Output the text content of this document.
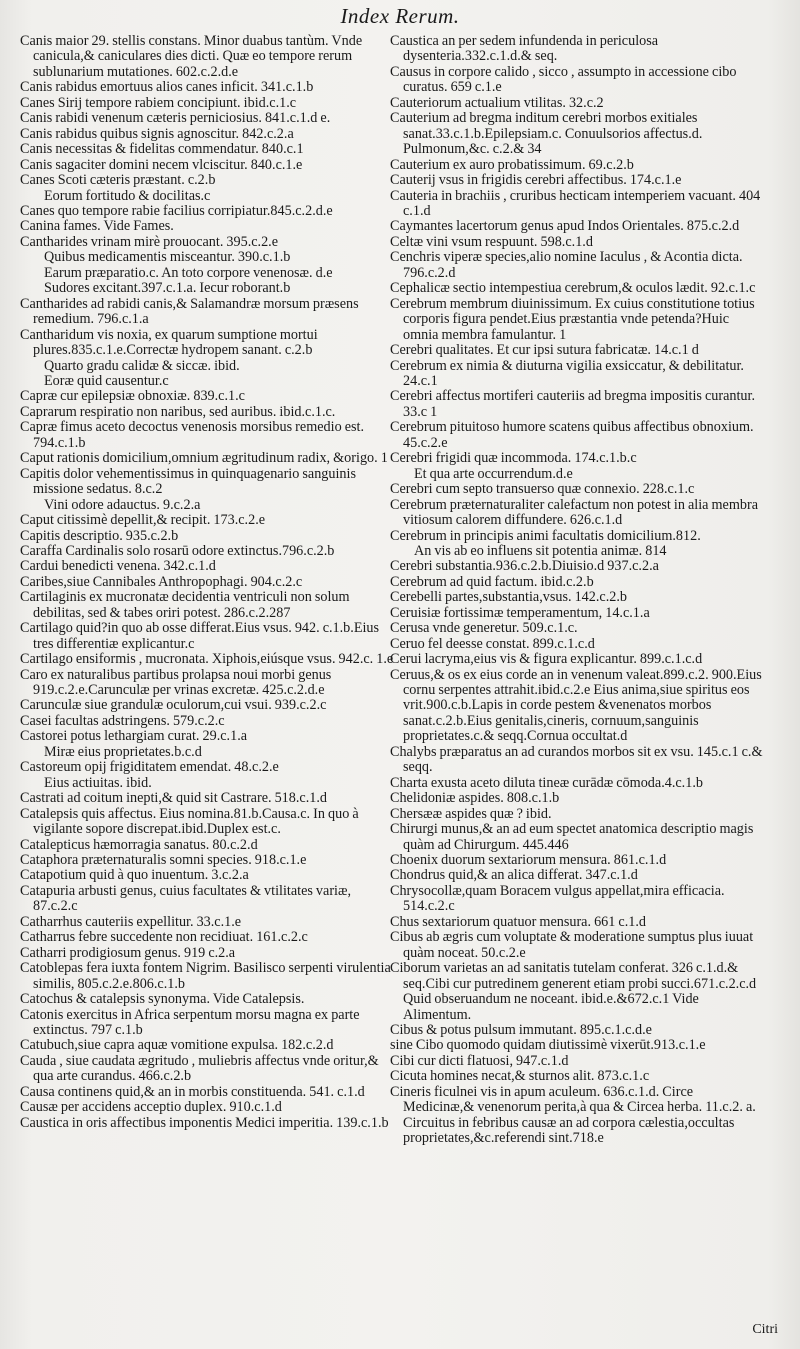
Index Rerum.
Canis maior 29. stellis constans. Minor duabus tantùm. Vnde canicula,& caniculares dies dicti. Quæ eo tempore rerum sublunarium mutationes. 602.c.2.d.e
Canis rabidus emortuus alios canes inficit. 341.c.1.b
Canes Sirij tempore rabiem concipiunt. ibid.c.1.c
Canis rabidi venenum cæteris perniciosius. 841.c.1.d e.
Canis rabidus quibus signis agnoscitur. 842.c.2.a
Canis necessitas & fidelitas commendatur. 840.c.1
Canis sagaciter domini necem vlciscitur. 840.c.1.e
Canes Scoti cæteris præstant. c.2.b
Eorum fortitudo & docilitas.c
Canes quo tempore rabie facilius corripiatur.845.c.2.d.e
Canina fames. Vide Fames.
Cantharides vrinam mirè prouocant. 395.c.2.e
Quibus medicamentis misceantur. 390.c.1.b
Earum præparatio.c. An toto corpore venenosæ. d.e
Sudores excitant.397.c.1.a. Iecur roborant.b
Cantharides ad rabidi canis,& Salamandræ morsum præsens remedium. 796.c.1.a
Cantharidum vis noxia, ex quarum sumptione mortui plures.835.c.1.e.Correctæ hydropem sanant. c.2.b
Quarto gradu calidæ & siccæ. ibid.
Eoræ quid causentur.c
Capræ cur epilepsiæ obnoxiæ. 839.c.1.c
Caprarum respiratio non naribus, sed auribus. ibid.c.1.c.
Capræ fimus aceto decoctus venenosis morsibus remedio est. 794.c.1.b
Caput rationis domicilium,omnium ægritudinum radix, &origo. 1
Capitis dolor vehementissimus in quinquagenario sanguinis missione sedatus. 8.c.2
Vini odore adauctus. 9.c.2.a
Caput citissimè depellit,& recipit. 173.c.2.e
Capitis descriptio. 935.c.2.b
Caraffa Cardinalis solo rosarū odore extinctus.796.c.2.b
Cardui benedicti venena. 342.c.1.d
Caribes,siue Cannibales Anthropophagi. 904.c.2.c
Cartilaginis ex mucronatæ decidentia ventriculi non solum debilitas, sed & tabes oriri potest. 286.c.2.287
Cartilago quid?in quo ab osse differat.Eius vsus. 942. c.1.b.Eius tres differentiæ explicantur.c
Cartilago ensiformis , mucronata. Xiphois,eiúsque vsus. 942.c. 1.e
Caro ex naturalibus partibus prolapsa noui morbi genus 919.c.2.e.Carunculæ per vrinas excretæ. 425.c.2.d.e
Carunculæ siue grandulæ oculorum,cui vsui. 939.c.2.c
Casei facultas adstringens. 579.c.2.c
Castorei potus lethargiam curat. 29.c.1.a
Miræ eius proprietates.b.c.d
Castoreum opij frigiditatem emendat. 48.c.2.e
Eius actiuitas. ibid.
Castrati ad coitum inepti,& quid sit Castrare. 518.c.1.d
Catalepsis quis affectus. Eius nomina.81.b.Causa.c. In quo à vigilante sopore discrepat.ibid.Duplex est.c.
Catalepticus hæmorragia sanatus. 80.c.2.d
Cataphora præternaturalis somni species. 918.c.1.e
Catapotium quid à quo inuentum. 3.c.2.a
Catapuria arbusti genus, cuius facultates & vtilitates variæ, 87.c.2.c
Catharrhus cauteriis expellitur. 33.c.1.e
Catharrus febre succedente non recidiuat. 161.c.2.c
Catharri prodigiosum genus. 919 c.2.a
Catoblepas fera iuxta fontem Nigrim. Basilisco serpenti virulentia similis, 805.c.2.e.806.c.1.b
Catochus & catalepsis synonyma. Vide Catalepsis.
Catonis exercitus in Africa serpentum morsu magna ex parte extinctus. 797 c.1.b
Catubuch,siue capra aquæ vomitione expulsa. 182.c.2.d
Cauda , siue caudata ægritudo , muliebris affectus vnde oritur,& qua arte curandus. 466.c.2.b
Causa continens quid,& an in morbis constituenda. 541. c.1.d
Causæ per accidens acceptio duplex. 910.c.1.d
Caustica in oris affectibus imponentis Medici imperitia. 139.c.1.b
Caustica an per sedem infundenda in periculosa dysenteria.332.c.1.d.& seq.
Causus in corpore calido , sicco , assumpto in accessione cibo curatus. 659 c.1.e
Cauteriorum actualium vtilitas. 32.c.2
Cauterium ad bregma inditum cerebri morbos exitiales sanat.33.c.1.b.Epilepsiam.c. Conuulsorios affectus.d. Pulmonum,&c. c.2.& 34
Cauterium ex auro probatissimum. 69.c.2.b
Cauterij vsus in frigidis cerebri affectibus. 174.c.1.e
Cauteria in brachiis , cruribus hecticam intemperiem vacuant. 404 c.1.d
Caymantes lacertorum genus apud Indos Orientales. 875.c.2.d
Celtæ vini vsum respuunt. 598.c.1.d
Cenchris viperæ species,alio nomine Iaculus , & Acontia dicta. 796.c.2.d
Cephalicæ sectio intempestiua cerebrum,& oculos lædit. 92.c.1.c
Cerebrum membrum diuinissimum. Ex cuius constitutione totius corporis figura pendet.Eius præstantia vnde petenda?Huic omnia membra famulantur. 1
Cerebri qualitates. Et cur ipsi sutura fabricatæ. 14.c.1 d
Cerebrum ex nimia & diuturna vigilia exsiccatur, & debilitatur. 24.c.1
Cerebri affectus mortiferi cauteriis ad bregma impositis curantur. 33.c 1
Cerebrum pituitoso humore scatens quibus affectibus obnoxium. 45.c.2.e
Cerebri frigidi quæ incommoda. 174.c.1.b.c
Et qua arte occurrendum.d.e
Cerebri cum septo transuerso quæ connexio. 228.c.1.c
Cerebrum præternaturaliter calefactum non potest in alia membra vitiosum calorem diffundere. 626.c.1.d
Cerebrum in principis animi facultatis domicilium.812.
An vis ab eo influens sit potentia animæ. 814
Cerebri substantia.936.c.2.b.Diuisio.d 937.c.2.a
Cerebrum ad quid factum. ibid.c.2.b
Cerebelli partes,substantia,vsus. 142.c.2.b
Ceruisiæ fortissimæ temperamentum, 14.c.1.a
Cerusa vnde generetur. 509.c.1.c.
Ceruo fel deesse constat. 899.c.1.c.d
Cerui lacryma,eius vis & figura explicantur. 899.c.1.c.d
Ceruus,& os ex eius corde an in venenum valeat.899.c.2. 900.Eius cornu serpentes attrahit.ibid.c.2.e Eius anima,siue spiritus eos vrit.900.c.b.Lapis in corde pestem &venenatos morbos sanat.c.2.b.Eius genitalis,cineris, cornuum,sanguinis proprietates.c.& seqq.Cornua occultat.d
Chalybs præparatus an ad curandos morbos sit ex vsu. 145.c.1 c.& seqq.
Charta exusta aceto diluta tineæ curādæ cōmoda.4.c.1.b
Chelidoniæ aspides. 808.c.1.b
Chersææ aspides quæ ? ibid.
Chirurgi munus,& an ad eum spectet anatomica descriptio magis quàm ad Chirurgum. 445.446
Choenix duorum sextariorum mensura. 861.c.1.d
Chondrus quid,& an alica differat. 347.c.1.d
Chrysocollæ,quam Boracem vulgus appellat,mira efficacia. 514.c.2.c
Chus sextariorum quatuor mensura. 661 c.1.d
Cibus ab ægris cum voluptate & moderatione sumptus plus iuuat quàm noceat. 50.c.2.e
Ciborum varietas an ad sanitatis tutelam conferat. 326 c.1.d.& seq.Cibi cur putredinem generent etiam probi succi.671.c.2.c.d Quid obseruandum ne noceant. ibid.e.&672.c.1 Vide Alimentum.
Cibus & potus pulsum immutant. 895.c.1.c.d.e
sine Cibo quomodo quidam diutissimè vixerūt.913.c.1.e
Cibi cur dicti flatuosi, 947.c.1.d
Cicuta homines necat,& sturnos alit. 873.c.1.c
Cineris ficulnei vis in apum aculeum. 636.c.1.d. Circe Medicinæ,& venenorum perita,à qua & Circea herba. 11.c.2. a. Circuitus in febribus causæ an ad corpora cælestia,occultas proprietates,&c.referendi sint.718.e
Citri
